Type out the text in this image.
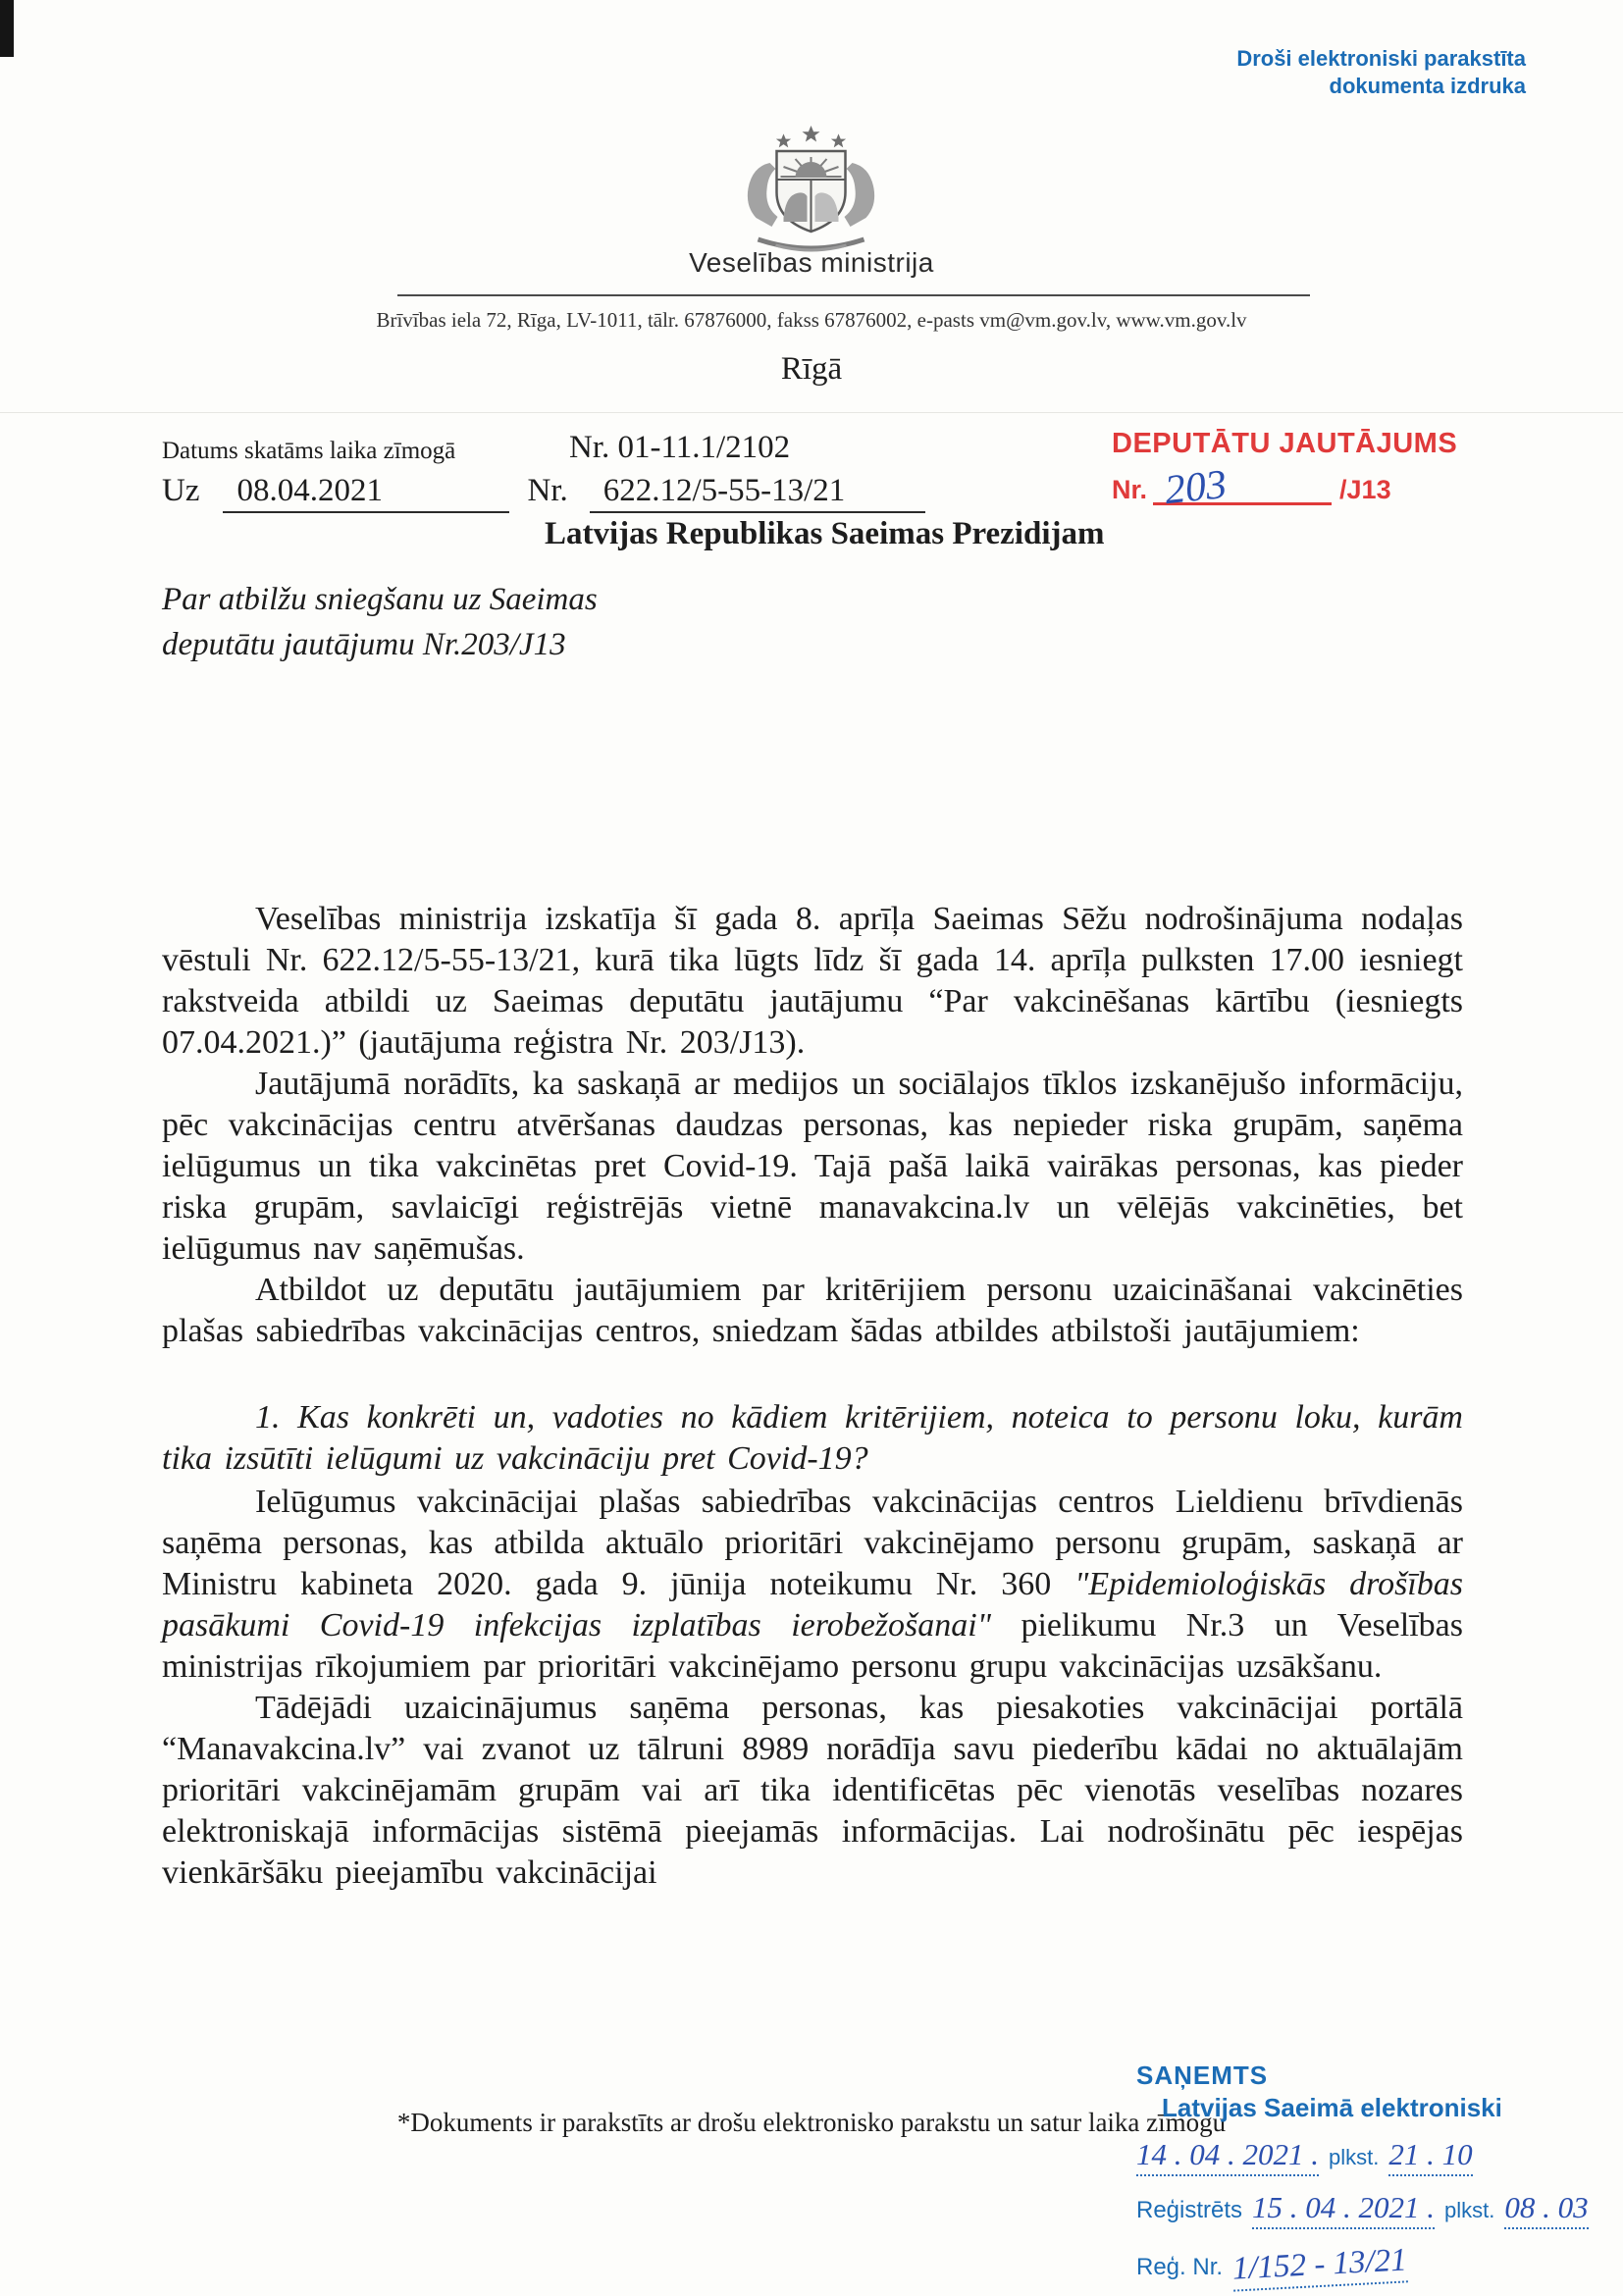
Droši elektroniski parakstīta
dokumenta izdruka
Veselības ministrija
Brīvības iela 72, Rīga, LV-1011, tālr. 67876000, fakss 67876002, e-pasts vm@vm.gov.lv, www.vm.gov.lv
Rīgā
Datums skatāms laika zīmogā	Nr. 01-11.1/2102
Uz 08.04.2021	Nr. 622.12/5-55-13/21
DEPUTĀTU JAUTĀJUMS
Nr. 203	/J13
Latvijas Republikas Saeimas Prezidijam
Par atbilžu sniegšanu uz Saeimas
deputātu jautājumu Nr.203/J13

Veselības ministrija izskatīja šī gada 8. aprīļa Saeimas Sēžu nodrošinājuma nodaļas vēstuli Nr. 622.12/5-55-13/21, kurā tika lūgts līdz šī gada 14. aprīļa pulksten 17.00 iesniegt rakstveida atbildi uz Saeimas deputātu jautājumu “Par vakcinēšanas kārtību (iesniegts 07.04.2021.)” (jautājuma reģistra Nr. 203/J13).

Jautājumā norādīts, ka saskaņā ar medijos un sociālajos tīklos izskanējušo informāciju, pēc vakcinācijas centru atvēršanas daudzas personas, kas nepieder riska grupām, saņēma ielūgumus un tika vakcinētas pret Covid-19. Tajā pašā laikā vairākas personas, kas pieder riska grupām, savlaicīgi reģistrējās vietnē manavakcina.lv un vēlējās vakcinēties, bet ielūgumus nav saņēmušas.

Atbildot uz deputātu jautājumiem par kritērijiem personu uzaicināšanai vakcinēties plašas sabiedrības vakcinācijas centros, sniedzam šādas atbildes atbilstoši jautājumiem:

1. Kas konkrēti un, vadoties no kādiem kritērijiem, noteica to personu loku, kurām tika izsūtīti ielūgumi uz vakcināciju pret Covid-19?

Ielūgumus vakcinācijai plašas sabiedrības vakcinācijas centros Lieldienu brīvdienās saņēma personas, kas atbilda aktuālo prioritāri vakcinējamo personu grupām, saskaņā ar Ministru kabineta 2020. gada 9. jūnija noteikumu Nr. 360 "Epidemioloģiskās drošības pasākumi Covid-19 infekcijas izplatības ierobežošanai" pielikumu Nr.3 un Veselības ministrijas rīkojumiem par prioritāri vakcinējamo personu grupu vakcinācijas uzsākšanu.

Tādējādi uzaicinājumus saņēma personas, kas piesakoties vakcinācijai portālā “Manavakcina.lv” vai zvanot uz tālruni 8989 norādīja savu piederību kādai no aktuālajām prioritāri vakcinējamām grupām vai arī tika identificētas pēc vienotās veselības nozares elektroniskajā informācijas sistēmā pieejamās informācijas. Lai nodrošinātu pēc iespējas vienkāršāku pieejamību vakcinācijai

*Dokuments ir parakstīts ar drošu elektronisko parakstu un satur laika zīmogu
SAŅEMTS
Latvijas Saeimā elektroniski
14 . 04 . 2021 . plkst. 21 . 10
Reģistrēts 15 . 04 . 2021 . plkst. 08 . 03
Reģ. Nr. 1/152 - 13/21
